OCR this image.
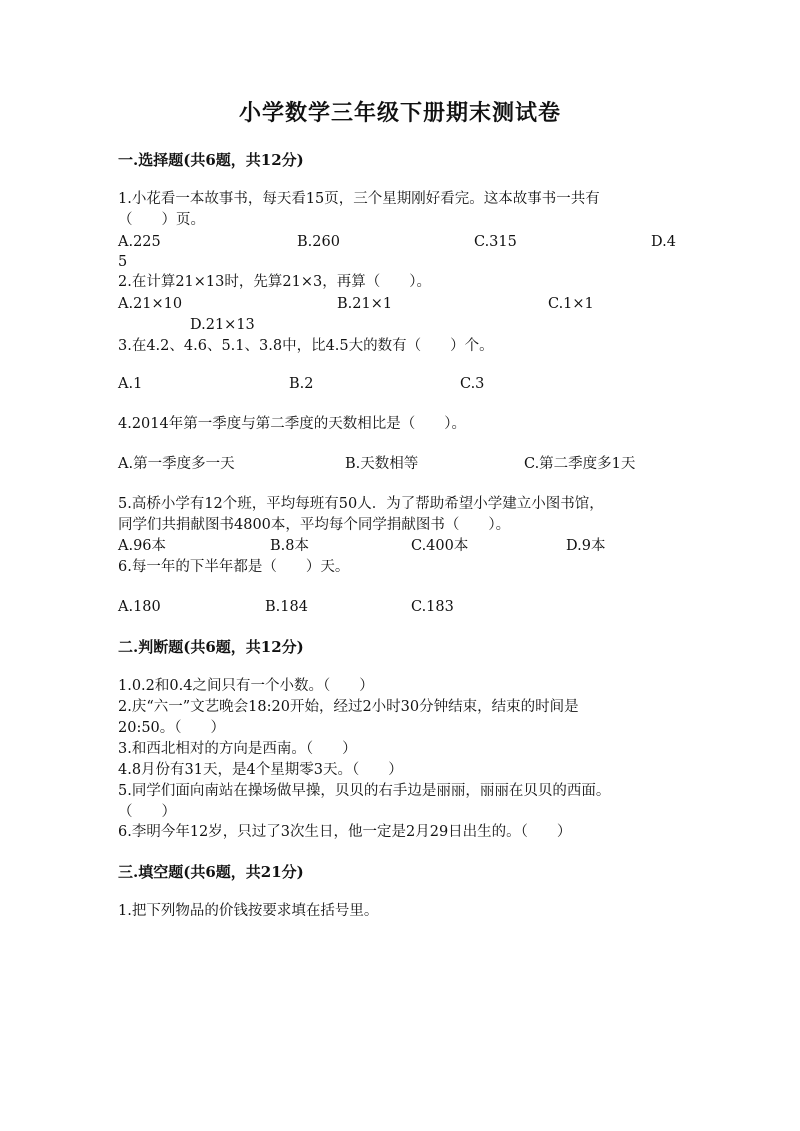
小学数学三年级下册期末测试卷
一.选择题(共6题，共12分)
1.小花看一本故事书，每天看15页，三个星期刚好看完。这本故事书一共有
（　　）页。
A.225	B.260	C.315	D.4
5
2.在计算21×13时，先算21×3，再算（　　）。
A.21×10	B.21×1	C.1×1
D.21×13
3.在4.2、4.6、5.1、3.8中，比4.5大的数有（　　）个。
A.1	B.2	C.3
4.2014年第一季度与第二季度的天数相比是（　　）。
A.第一季度多一天	B.天数相等	C.第二季度多1天
5.高桥小学有12个班，平均每班有50人．为了帮助希望小学建立小图书馆，
同学们共捐献图书4800本，平均每个同学捐献图书（　　）。
A.96本	B.8本	C.400本	D.9本
6.每一年的下半年都是（　　）天。
A.180	B.184	C.183
二.判断题(共6题，共12分)
1.0.2和0.4之间只有一个小数。（　　）
2.庆“六一”文艺晚会18:20开始，经过2小时30分钟结束，结束的时间是
20:50。（　　）
3.和西北相对的方向是西南。（　　）
4.8月份有31天，是4个星期零3天。（　　）
5.同学们面向南站在操场做早操，贝贝的右手边是丽丽，丽丽在贝贝的西面。
（　　）
6.李明今年12岁，只过了3次生日，他一定是2月29日出生的。（　　）
三.填空题(共6题，共21分)
1.把下列物品的价钱按要求填在括号里。
